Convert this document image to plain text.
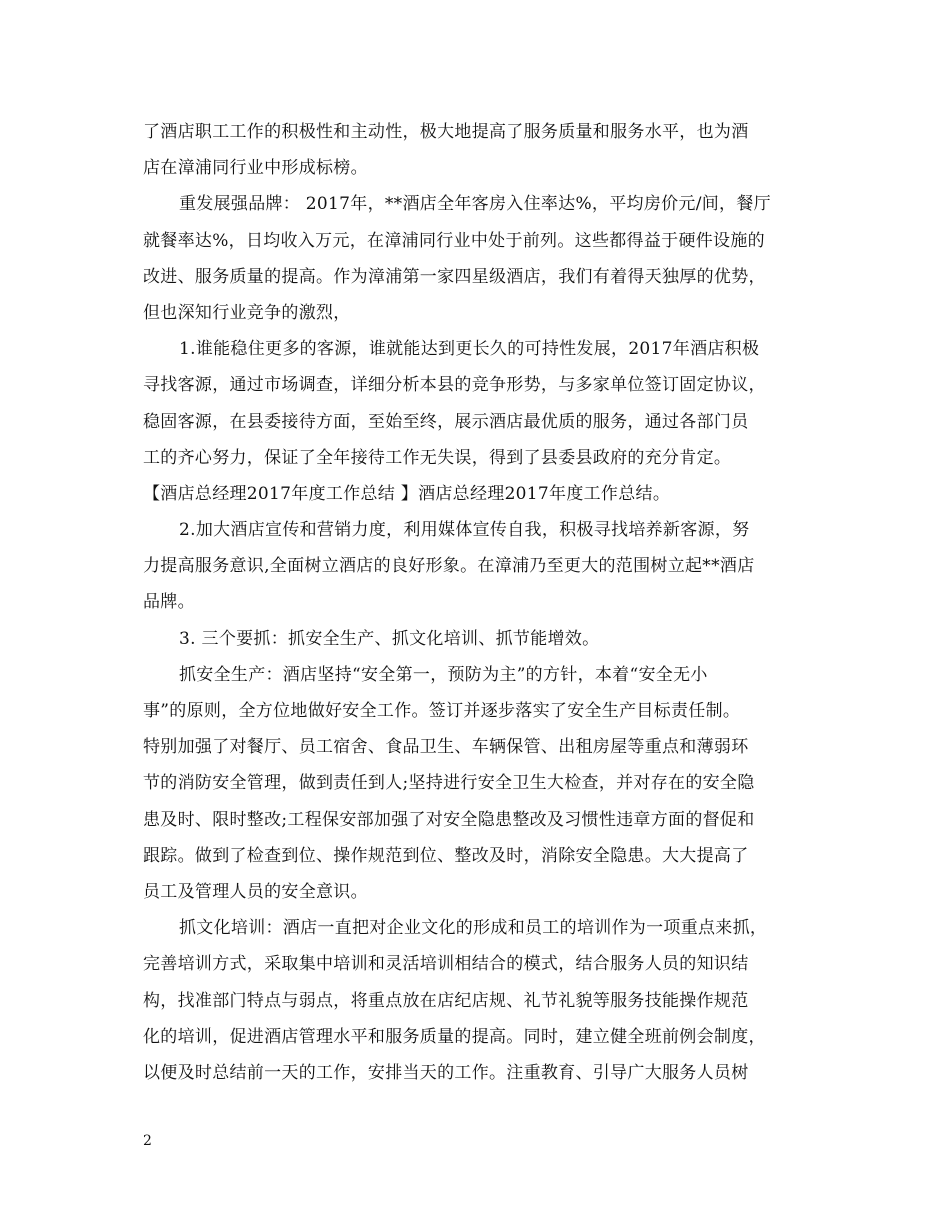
了酒店职工工作的积极性和主动性，极大地提高了服务质量和服务水平，也为酒
店在漳浦同行业中形成标榜。
重发展强品牌： 2017年，**酒店全年客房入住率达%，平均房价元/间，餐厅
就餐率达%，日均收入万元，在漳浦同行业中处于前列。这些都得益于硬件设施的
改进、服务质量的提高。作为漳浦第一家四星级酒店，我们有着得天独厚的优势，
但也深知行业竞争的激烈，
1.谁能稳住更多的客源，谁就能达到更长久的可持性发展，2017年酒店积极
寻找客源，通过市场调查，详细分析本县的竞争形势，与多家单位签订固定协议，
稳固客源，在县委接待方面，至始至终，展示酒店最优质的服务，通过各部门员
工的齐心努力，保证了全年接待工作无失误，得到了县委县政府的充分肯定。
【酒店总经理2017年度工作总结 】酒店总经理2017年度工作总结。
2.加大酒店宣传和营销力度，利用媒体宣传自我，积极寻找培养新客源，努
力提高服务意识,全面树立酒店的良好形象。在漳浦乃至更大的范围树立起**酒店
品牌。
3. 三个要抓：抓安全生产、抓文化培训、抓节能增效。
抓安全生产：酒店坚持“安全第一，预防为主”的方针，本着“安全无小
事”的原则，全方位地做好安全工作。签订并逐步落实了安全生产目标责任制。
特别加强了对餐厅、员工宿舍、食品卫生、车辆保管、出租房屋等重点和薄弱环
节的消防安全管理，做到责任到人;坚持进行安全卫生大检查，并对存在的安全隐
患及时、限时整改;工程保安部加强了对安全隐患整改及习惯性违章方面的督促和
跟踪。做到了检查到位、操作规范到位、整改及时，消除安全隐患。大大提高了
员工及管理人员的安全意识。
抓文化培训：酒店一直把对企业文化的形成和员工的培训作为一项重点来抓，
完善培训方式，采取集中培训和灵活培训相结合的模式，结合服务人员的知识结
构，找准部门特点与弱点，将重点放在店纪店规、礼节礼貌等服务技能操作规范
化的培训，促进酒店管理水平和服务质量的提高。同时，建立健全班前例会制度，
以便及时总结前一天的工作，安排当天的工作。注重教育、引导广大服务人员树
2
